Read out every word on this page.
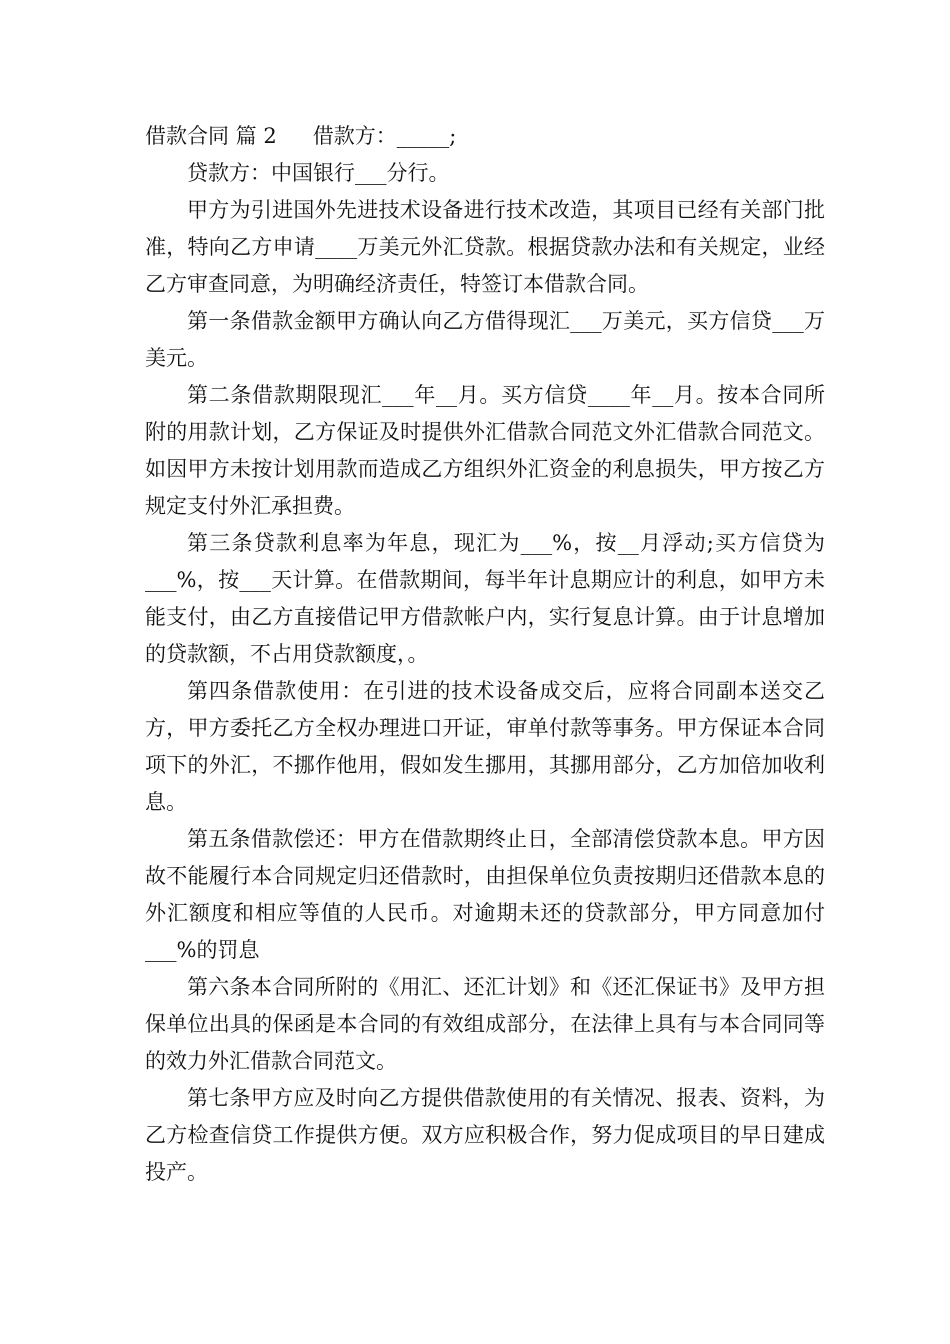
借款合同 篇 2 借款方：_____;

贷款方：中国银行___分行。

甲方为引进国外先进技术设备进行技术改造，其项目已经有关部门批准，特向乙方申请____万美元外汇贷款。根据贷款办法和有关规定，业经乙方审查同意，为明确经济责任，特签订本借款合同。

第一条借款金额甲方确认向乙方借得现汇___万美元，买方信贷___万美元。

第二条借款期限现汇___年__月。买方信贷____年__月。按本合同所附的用款计划，乙方保证及时提供外汇借款合同范文外汇借款合同范文。如因甲方未按计划用款而造成乙方组织外汇资金的利息损失，甲方按乙方规定支付外汇承担费。

第三条贷款利息率为年息，现汇为___%，按__月浮动;买方信贷为___%，按___天计算。在借款期间，每半年计息期应计的利息，如甲方未能支付，由乙方直接借记甲方借款帐户内，实行复息计算。由于计息增加的贷款额，不占用贷款额度，。

第四条借款使用：在引进的技术设备成交后，应将合同副本送交乙方，甲方委托乙方全权办理进口开证，审单付款等事务。甲方保证本合同项下的外汇，不挪作他用，假如发生挪用，其挪用部分，乙方加倍加收利息。

第五条借款偿还：甲方在借款期终止日，全部清偿贷款本息。甲方因故不能履行本合同规定归还借款时，由担保单位负责按期归还借款本息的外汇额度和相应等值的人民币。对逾期未还的贷款部分，甲方同意加付___%的罚息

第六条本合同所附的《用汇、还汇计划》和《还汇保证书》及甲方担保单位出具的保函是本合同的有效组成部分，在法律上具有与本合同同等的效力外汇借款合同范文。

第七条甲方应及时向乙方提供借款使用的有关情况、报表、资料，为乙方检查信贷工作提供方便。双方应积极合作，努力促成项目的早日建成投产。
